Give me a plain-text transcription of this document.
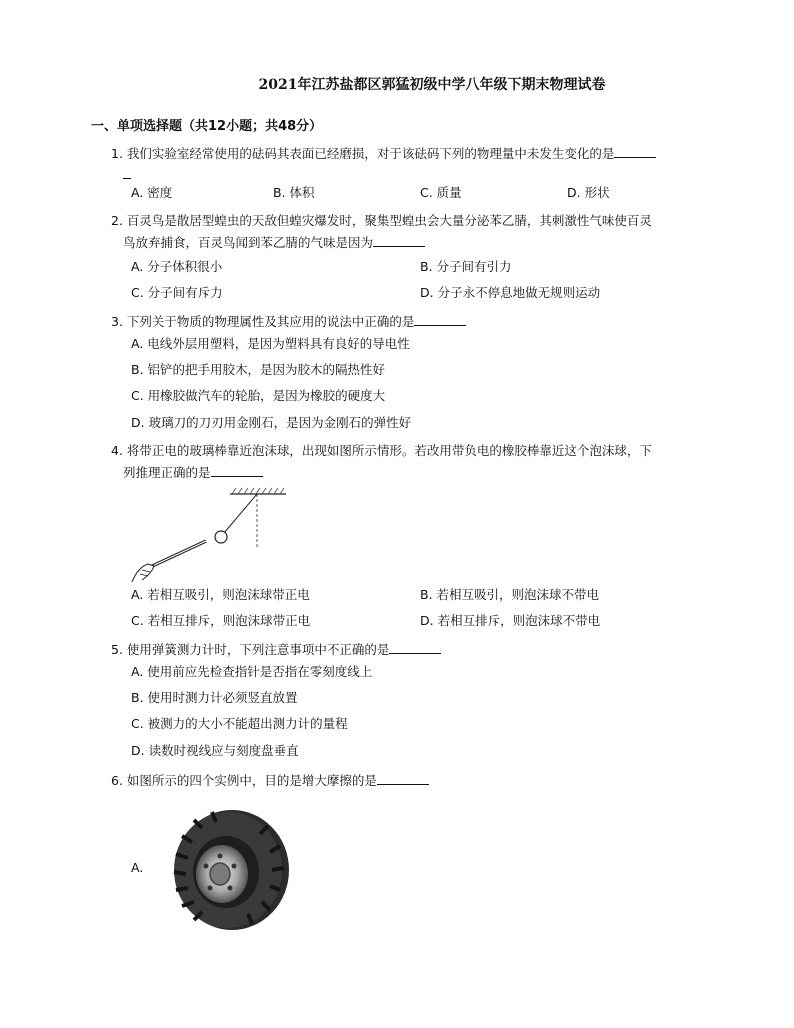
2021年江苏盐都区郭猛初级中学八年级下期末物理试卷
一、单项选择题（共12小题；共48分）
1. 我们实验室经常使用的砝码其表面已经磨损，对于该砝码下列的物理量中未发生变化的是
A. 密度	B. 体积	C. 质量	D. 形状
2. 百灵鸟是散居型蝗虫的天敌但蝗灾爆发时，聚集型蝗虫会大量分泌苯乙腈，其刺激性气味使百灵
鸟放弃捕食，百灵鸟闻到苯乙腈的气味是因为
A. 分子体积很小	B. 分子间有引力
C. 分子间有斥力	D. 分子永不停息地做无规则运动
3. 下列关于物质的物理属性及其应用的说法中正确的是
A. 电线外层用塑料，是因为塑料具有良好的导电性
B. 铝铲的把手用胶木，是因为胶木的隔热性好
C. 用橡胶做汽车的轮胎，是因为橡胶的硬度大
D. 玻璃刀的刀刃用金刚石，是因为金刚石的弹性好
4. 将带正电的玻璃棒靠近泡沫球，出现如图所示情形。若改用带负电的橡胶棒靠近这个泡沫球，下
列推理正确的是
A. 若相互吸引，则泡沫球带正电	B. 若相互吸引，则泡沫球不带电
C. 若相互排斥，则泡沫球带正电	D. 若相互排斥，则泡沫球不带电
5. 使用弹簧测力计时，下列注意事项中不正确的是
A. 使用前应先检查指针是否指在零刻度线上
B. 使用时测力计必须竖直放置
C. 被测力的大小不能超出测力计的量程
D. 读数时视线应与刻度盘垂直
6. 如图所示的四个实例中，目的是增大摩擦的是
A.
